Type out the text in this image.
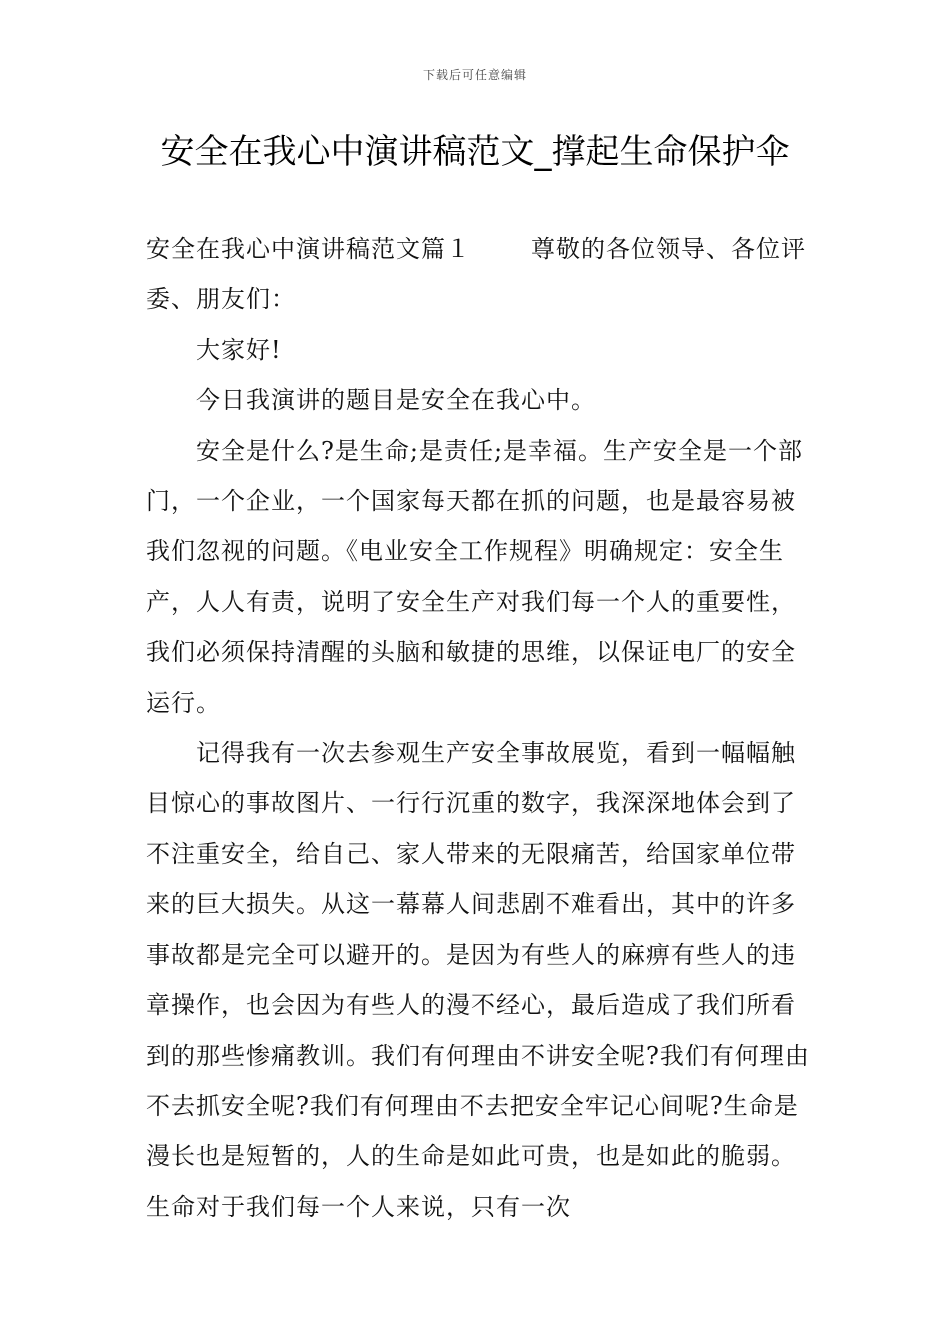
下载后可任意编辑
安全在我心中演讲稿范文_撑起生命保护伞

安全在我心中演讲稿范文篇１	尊敬的各位领导、各位评委、朋友们：

大家好!

今日我演讲的题目是安全在我心中。

安全是什么?是生命;是责任;是幸福。生产安全是一个部门，一个企业，一个国家每天都在抓的问题，也是最容易被我们忽视的问题。《电业安全工作规程》明确规定：安全生产，人人有责，说明了安全生产对我们每一个人的重要性，我们必须保持清醒的头脑和敏捷的思维，以保证电厂的安全运行。

记得我有一次去参观生产安全事故展览，看到一幅幅触目惊心的事故图片、一行行沉重的数字，我深深地体会到了不注重安全，给自己、家人带来的无限痛苦，给国家单位带来的巨大损失。从这一幕幕人间悲剧不难看出，其中的许多事故都是完全可以避开的。是因为有些人的麻痹有些人的违章操作，也会因为有些人的漫不经心，最后造成了我们所看到的那些惨痛教训。我们有何理由不讲安全呢?我们有何理由不去抓安全呢?我们有何理由不去把安全牢记心间呢?生命是漫长也是短暂的，人的生命是如此可贵，也是如此的脆弱。生命对于我们每一个人来说，只有一次
